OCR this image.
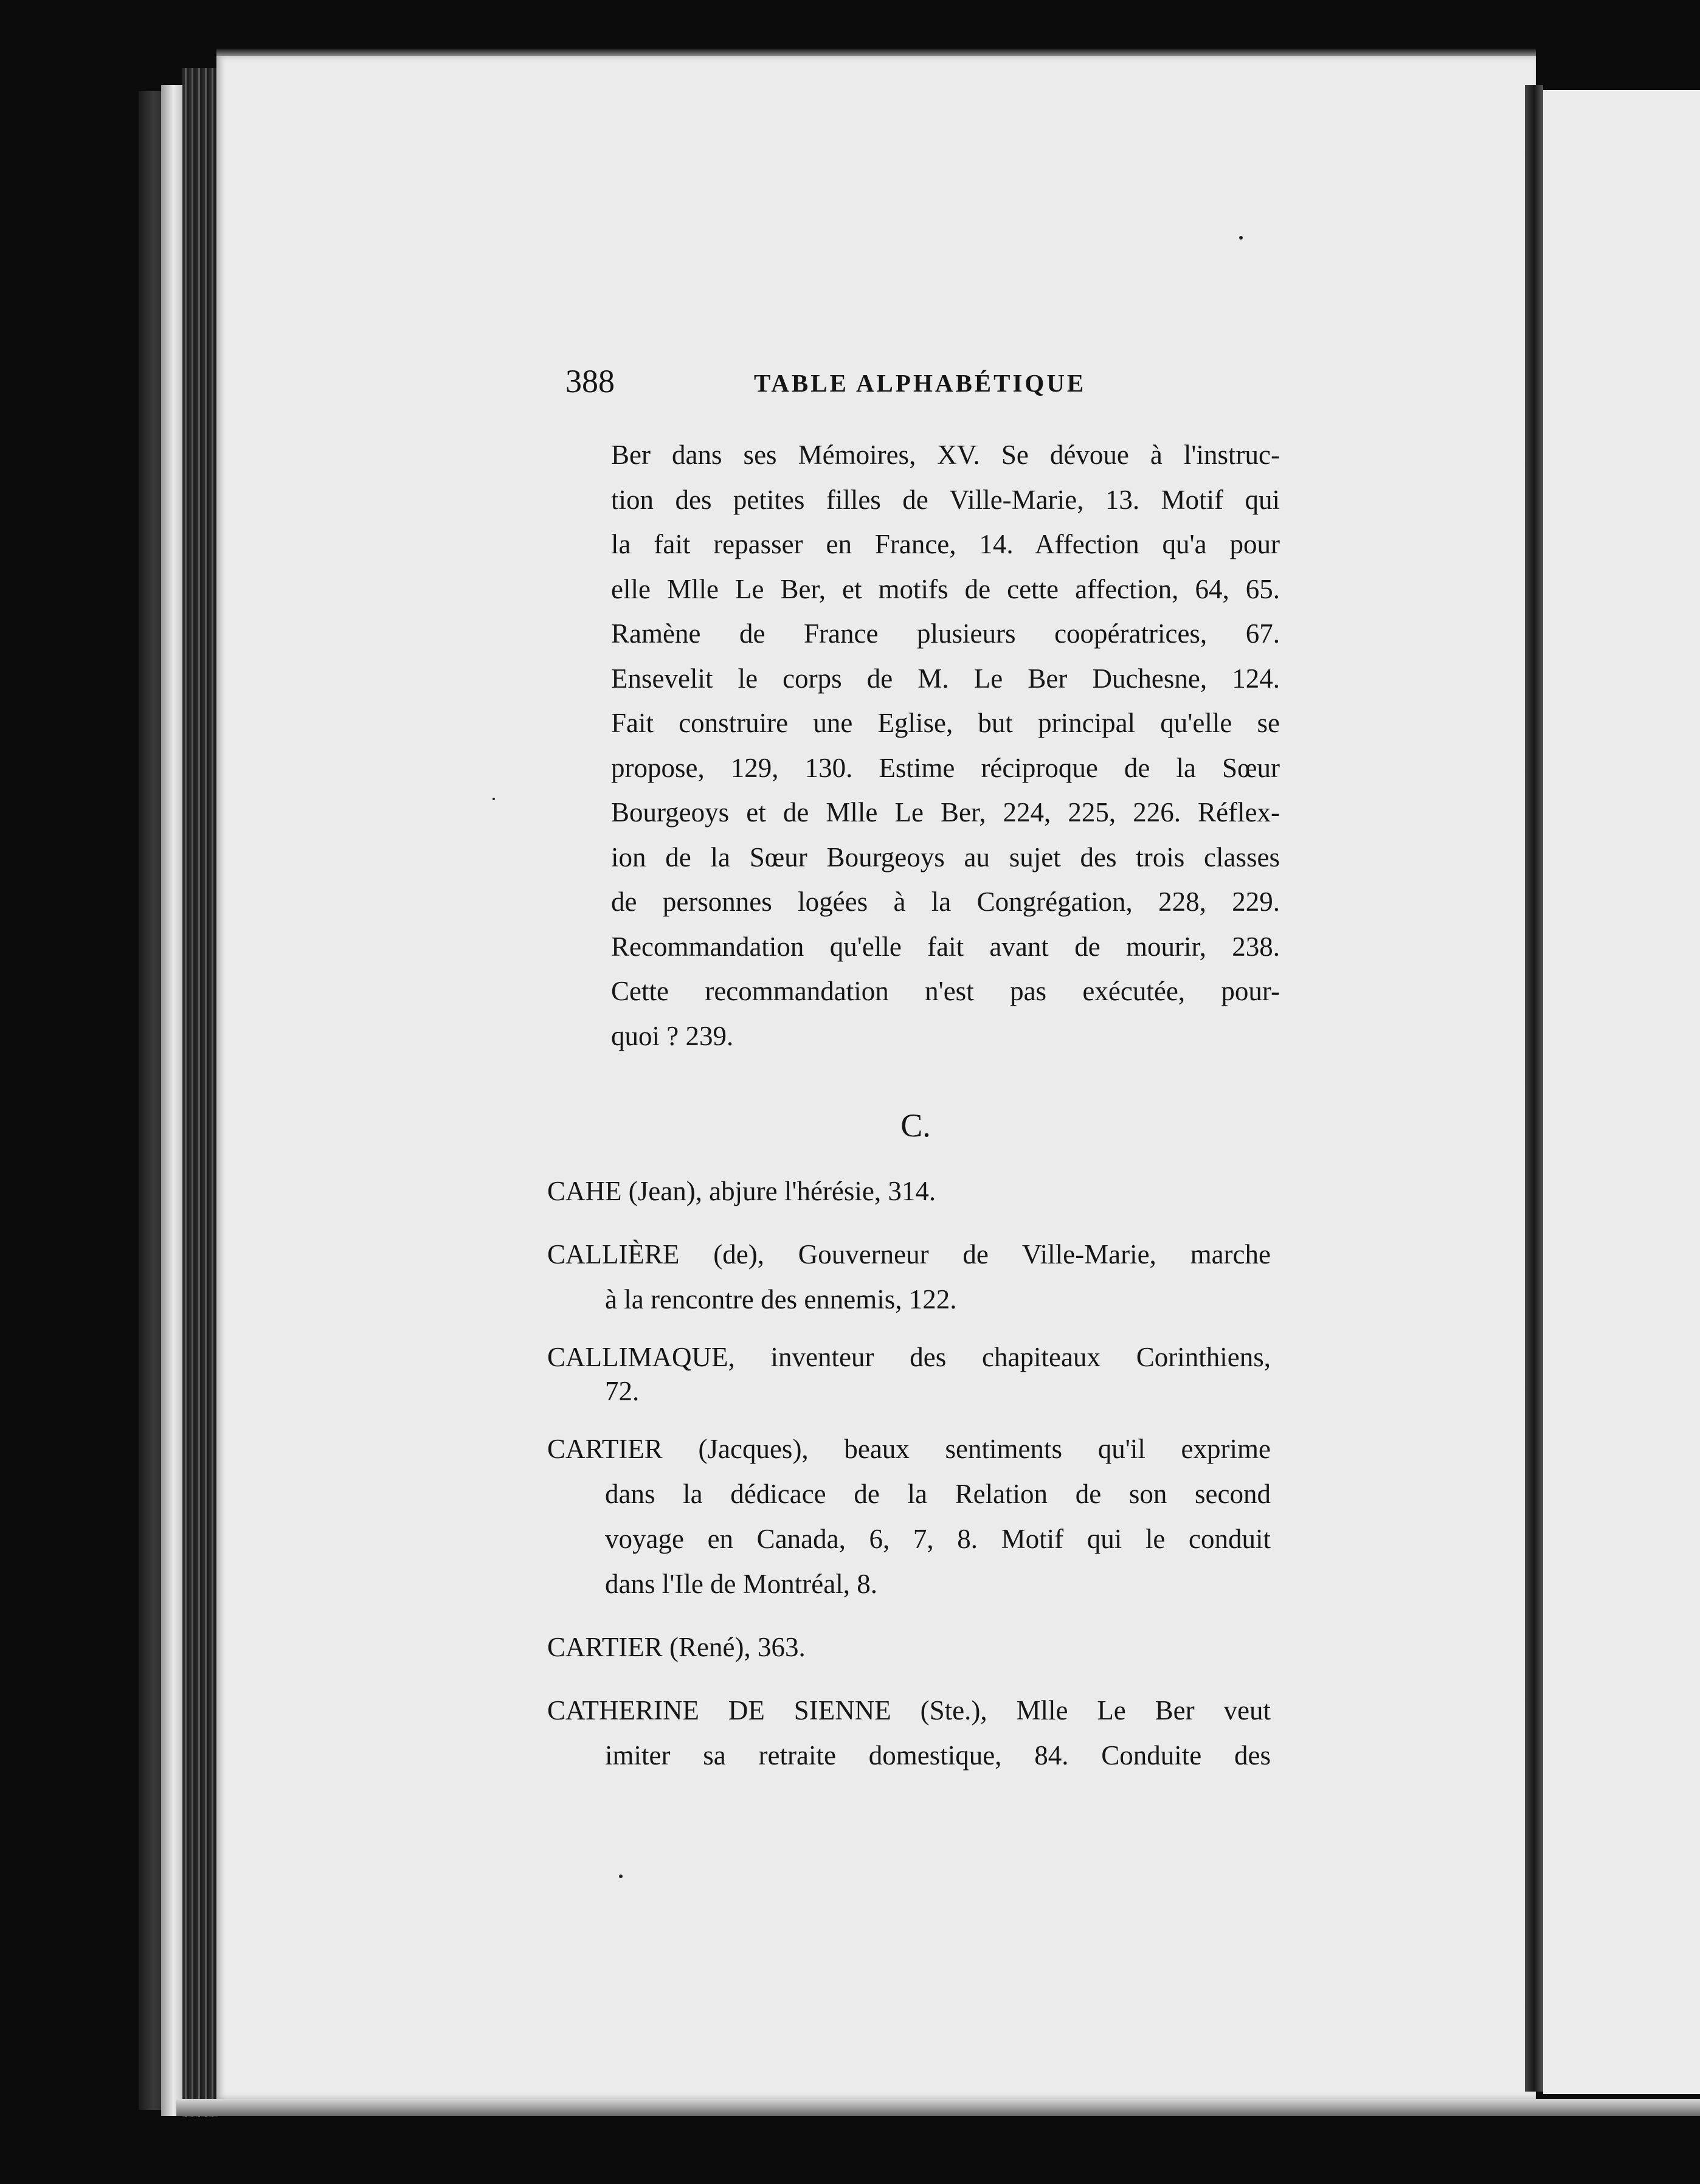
388	TABLE ALPHABÉTIQUE
Ber dans ses Mémoires, XV. Se dévoue à l'instruc-
tion des petites filles de Ville-Marie, 13. Motif qui
la fait repasser en France, 14. Affection qu'a pour
elle Mlle Le Ber, et motifs de cette affection, 64, 65.
Ramène de France plusieurs coopératrices, 67.
Ensevelit le corps de M. Le Ber Duchesne, 124.
Fait construire une Eglise, but principal qu'elle se
propose, 129, 130. Estime réciproque de la Sœur
Bourgeoys et de Mlle Le Ber, 224, 225, 226. Réflex-
ion de la Sœur Bourgeoys au sujet des trois classes
de personnes logées à la Congrégation, 228, 229.
Recommandation qu'elle fait avant de mourir, 238.
Cette recommandation n'est pas exécutée, pour-
quoi ? 239.
C.
CAHE (Jean), abjure l'hérésie, 314.
CALLIÈRE (de), Gouverneur de Ville-Marie, marche
à la rencontre des ennemis, 122.
CALLIMAQUE, inventeur des chapiteaux Corinthiens,
72.
CARTIER (Jacques), beaux sentiments qu'il exprime
dans la dédicace de la Relation de son second
voyage en Canada, 6, 7, 8. Motif qui le conduit
dans l'Ile de Montréal, 8.
CARTIER (René), 363.
CATHERINE DE SIENNE (Ste.), Mlle Le Ber veut
imiter sa retraite domestique, 84. Conduite des
